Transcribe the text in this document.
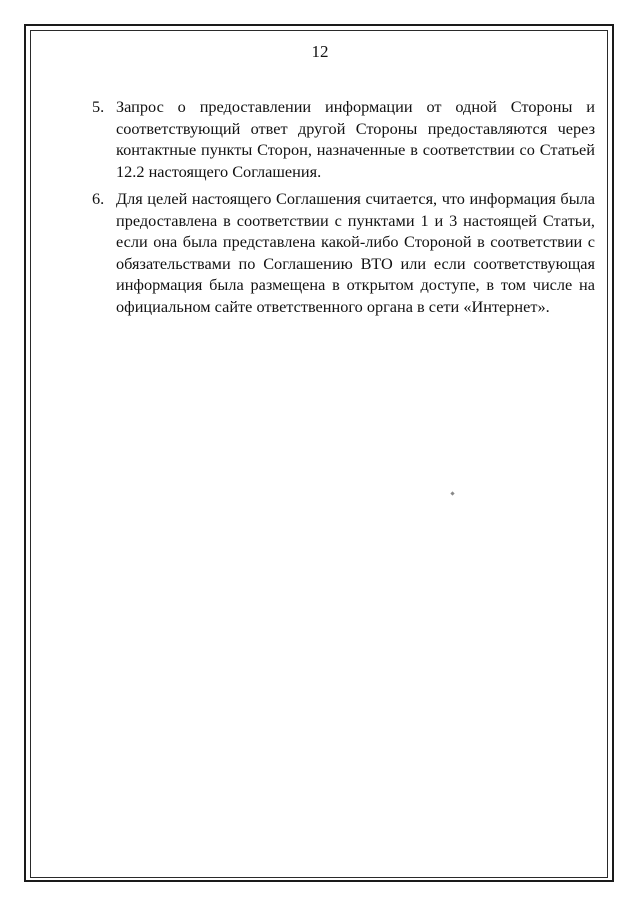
12
5. Запрос о предоставлении информации от одной Стороны и соответствующий ответ другой Стороны предоставляются через контактные пункты Сторон, назначенные в соответствии со Статьей 12.2 настоящего Соглашения.
6. Для целей настоящего Соглашения считается, что информация была предоставлена в соответствии с пунктами 1 и 3 настоящей Статьи, если она была представлена какой-либо Стороной в соответствии с обязательствами по Соглашению ВТО или если соответствующая информация была размещена в открытом доступе, в том числе на официальном сайте ответственного органа в сети «Интернет».
